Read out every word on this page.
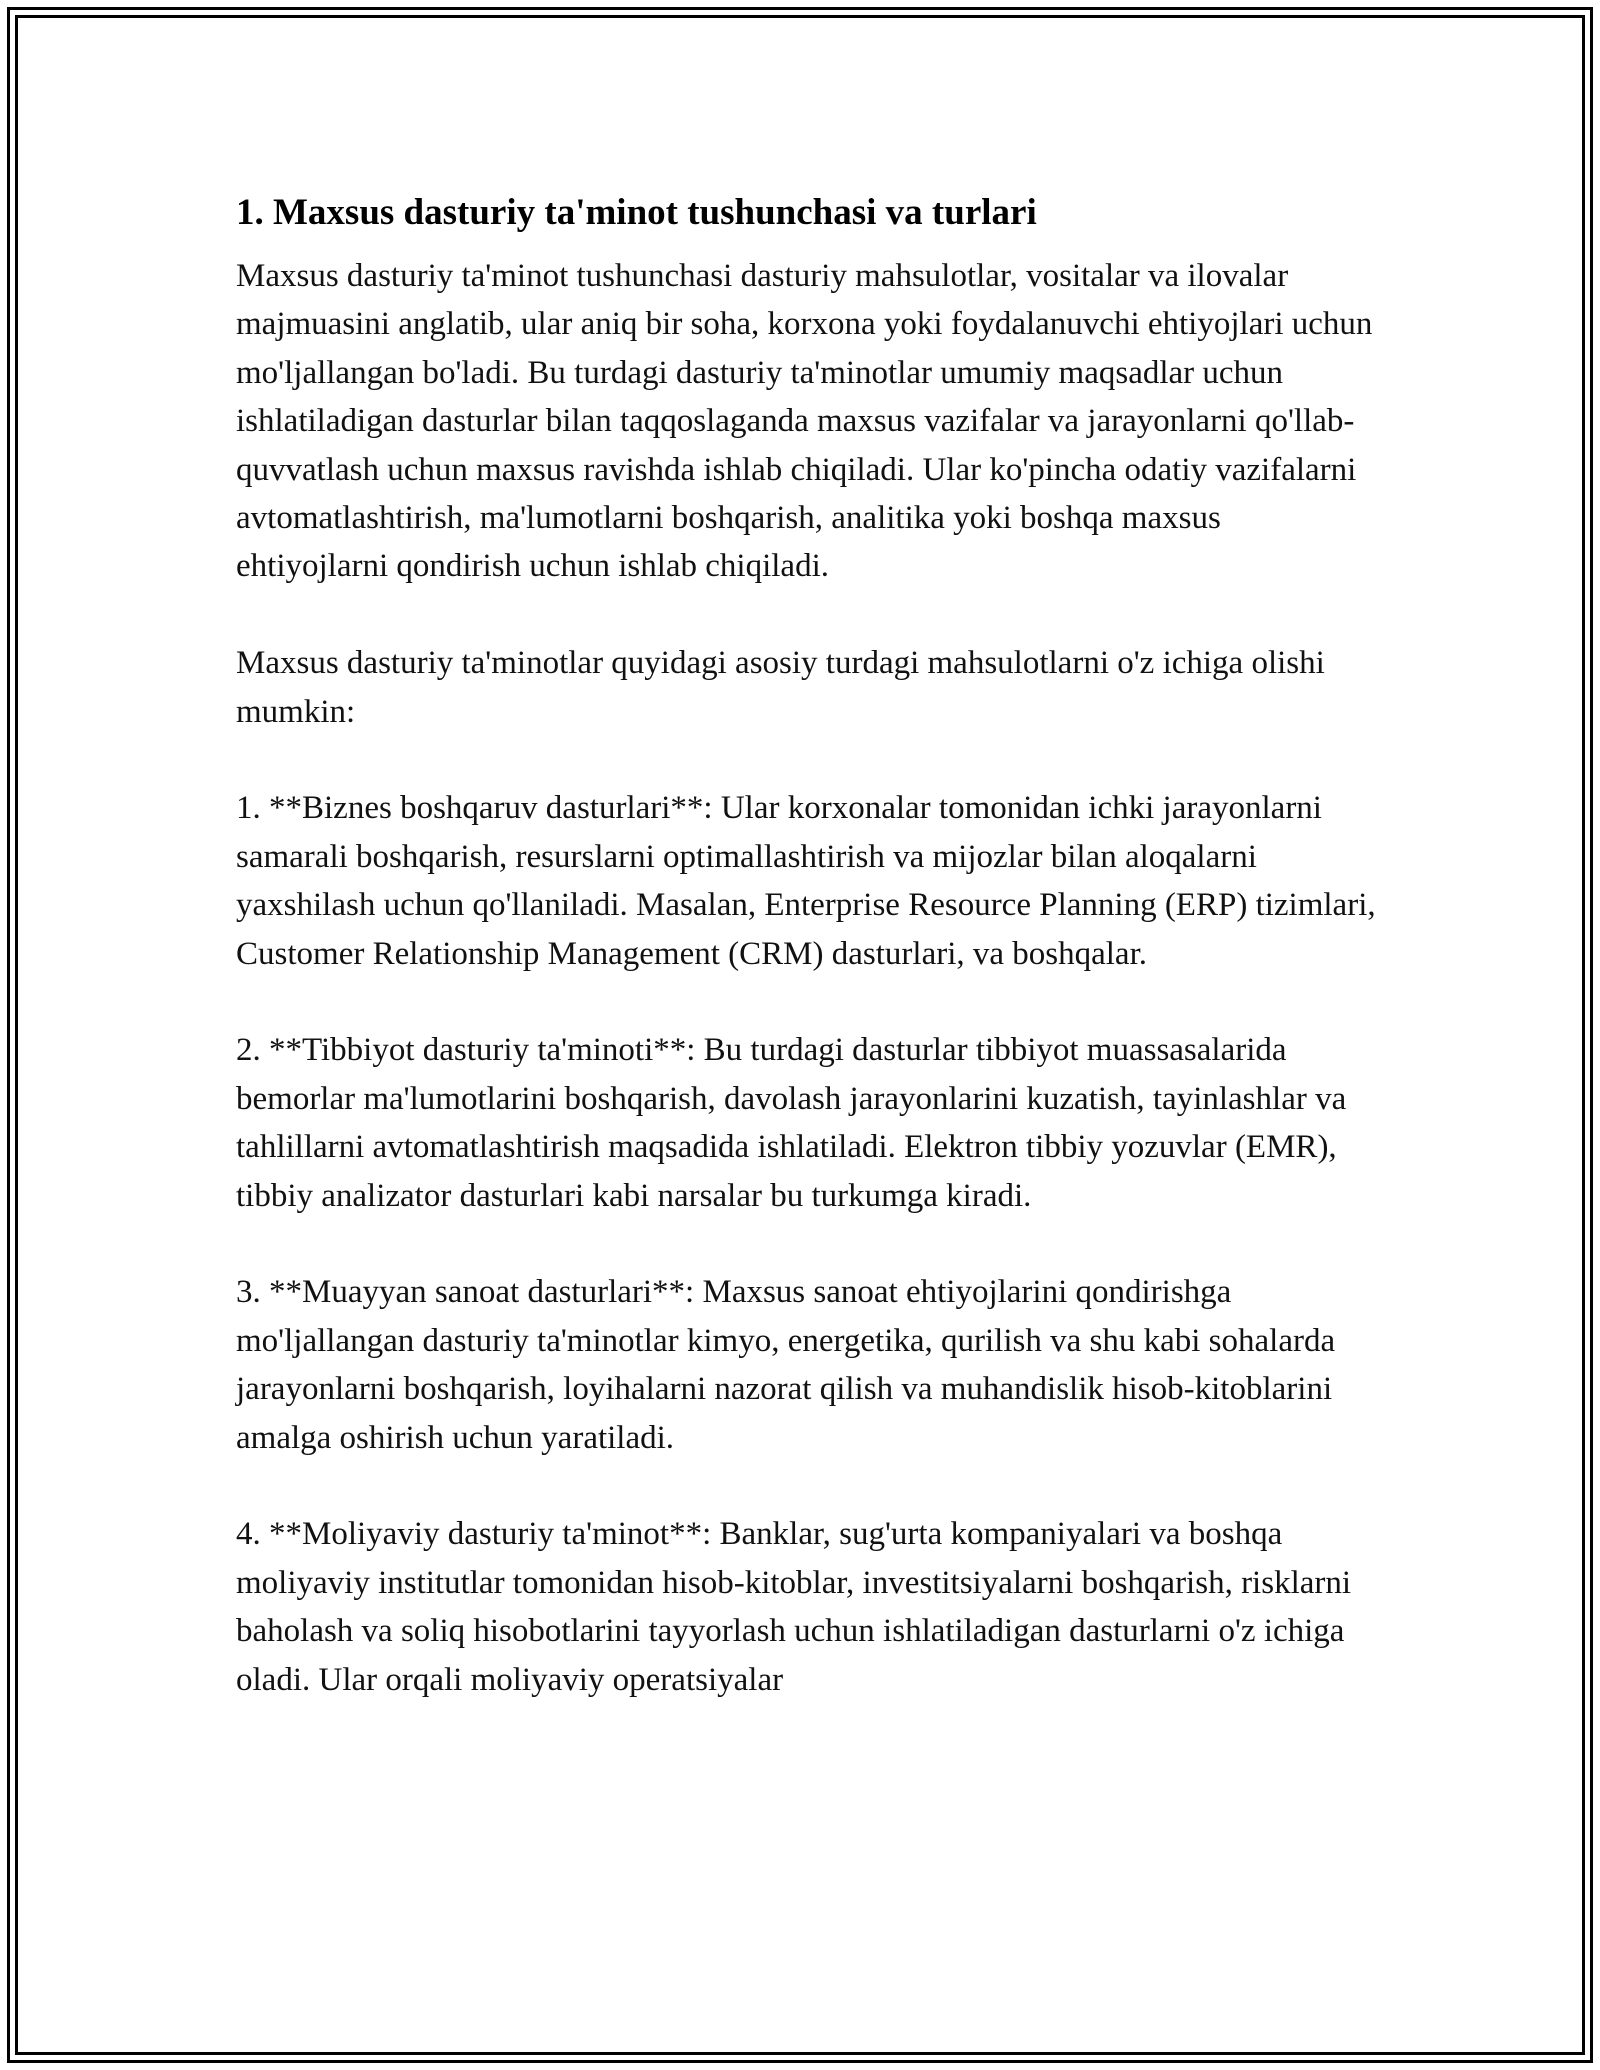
1. Maxsus dasturiy ta'minot tushunchasi va turlari

Maxsus dasturiy ta'minot tushunchasi dasturiy mahsulotlar, vositalar va ilovalar majmuasini anglatib, ular aniq bir soha, korxona yoki foydalanuvchi ehtiyojlari uchun mo'ljallangan bo'ladi. Bu turdagi dasturiy ta'minotlar umumiy maqsadlar uchun ishlatiladigan dasturlar bilan taqqoslaganda maxsus vazifalar va jarayonlarni qo'llab-quvvatlash uchun maxsus ravishda ishlab chiqiladi. Ular ko'pincha odatiy vazifalarni avtomatlashtirish, ma'lumotlarni boshqarish, analitika yoki boshqa maxsus ehtiyojlarni qondirish uchun ishlab chiqiladi.

Maxsus dasturiy ta'minotlar quyidagi asosiy turdagi mahsulotlarni o'z ichiga olishi mumkin:

1. **Biznes boshqaruv dasturlari**: Ular korxonalar tomonidan ichki jarayonlarni samarali boshqarish, resurslarni optimallashtirish va mijozlar bilan aloqalarni yaxshilash uchun qo'llaniladi. Masalan, Enterprise Resource Planning (ERP) tizimlari, Customer Relationship Management (CRM) dasturlari, va boshqalar.

2. **Tibbiyot dasturiy ta'minoti**: Bu turdagi dasturlar tibbiyot muassasalarida bemorlar ma'lumotlarini boshqarish, davolash jarayonlarini kuzatish, tayinlashlar va tahlillarni avtomatlashtirish maqsadida ishlatiladi. Elektron tibbiy yozuvlar (EMR), tibbiy analizator dasturlari kabi narsalar bu turkumga kiradi.

3. **Muayyan sanoat dasturlari**: Maxsus sanoat ehtiyojlarini qondirishga mo'ljallangan dasturiy ta'minotlar kimyo, energetika, qurilish va shu kabi sohalarda jarayonlarni boshqarish, loyihalarni nazorat qilish va muhandislik hisob-kitoblarini amalga oshirish uchun yaratiladi.

4. **Moliyaviy dasturiy ta'minot**: Banklar, sug'urta kompaniyalari va boshqa moliyaviy institutlar tomonidan hisob-kitoblar, investitsiyalarni boshqarish, risklarni baholash va soliq hisobotlarini tayyorlash uchun ishlatiladigan dasturlarni o'z ichiga oladi. Ular orqali moliyaviy operatsiyalar
